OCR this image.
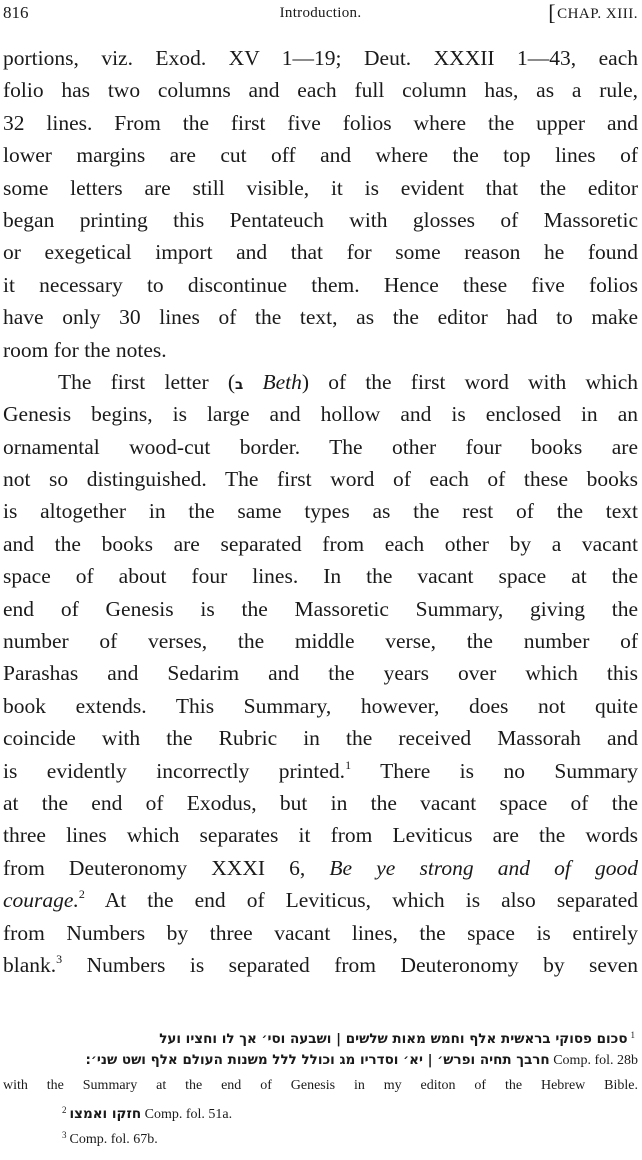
816	Introduction.	[CHAP. XIII.
portions, viz. Exod. XV 1—19; Deut. XXXII 1—43, each
folio has two columns and each full column has, as a rule,
32 lines. From the first five folios where the upper and
lower margins are cut off and where the top lines of
some letters are still visible, it is evident that the editor
began printing this Pentateuch with glosses of Massoretic
or exegetical import and that for some reason he found
it necessary to discontinue them. Hence these five folios
have only 30 lines of the text, as the editor had to make
room for the notes.
The first letter (ב Beth) of the first word with which
Genesis begins, is large and hollow and is enclosed in an
ornamental wood-cut border. The other four books are
not so distinguished. The first word of each of these books
is altogether in the same types as the rest of the text
and the books are separated from each other by a vacant
space of about four lines. In the vacant space at the
end of Genesis is the Massoretic Summary, giving the
number of verses, the middle verse, the number of
Parashas and Sedarim and the years over which this
book extends. This Summary, however, does not quite
coincide with the Rubric in the received Massorah and
is evidently incorrectly printed.$^1$ There is no Summary
at the end of Exodus, but in the vacant space of the
three lines which separates it from Leviticus are the words
from Deuteronomy XXXI 6, Be ye strong and of good
courage.$^2$ At the end of Leviticus, which is also separated
from Numbers by three vacant lines, the space is entirely
blank.$^3$ Numbers is separated from Deuteronomy by seven
סכום פסוקי בראשית אלף וחמש מאות שלשים | ושבעה וסי׳ אך לו וחציו ועל $^1$
חרבך תחיה ופרש׳ | יא׳ וסדריו מג וכולל ללל משנות העולם אלף ושט שני׳: Comp. fol. 28b
with the Summary at the end of Genesis in my editon of the Hebrew Bible.
$^2$ חזקו ואמצו Comp. fol. 51a.
$^3$ Comp. fol. 67b.
